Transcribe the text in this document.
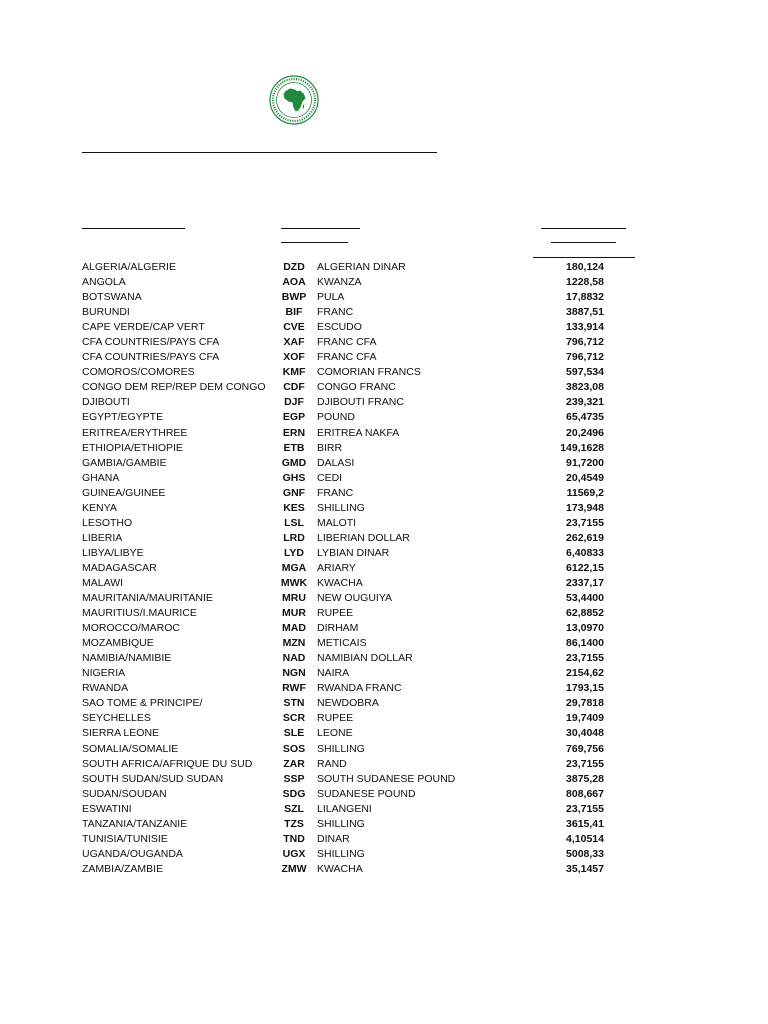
ALGERIA/ALGERIE	DZD	ALGERIAN DINAR	180,124
ANGOLA	AOA	KWANZA	1228,58
BOTSWANA	BWP	PULA	17,8832
BURUNDI	BIF	FRANC	3887,51
CAPE VERDE/CAP VERT	CVE	ESCUDO	133,914
CFA COUNTRIES/PAYS CFA	XAF	FRANC CFA	796,712
CFA COUNTRIES/PAYS CFA	XOF	FRANC CFA	796,712
COMOROS/COMORES	KMF	COMORIAN FRANCS	597,534
CONGO DEM REP/REP DEM CONGO	CDF	CONGO FRANC	3823,08
DJIBOUTI	DJF	DJIBOUTI FRANC	239,321
EGYPT/EGYPTE	EGP	POUND	65,4735
ERITREA/ERYTHREE	ERN	ERITREA NAKFA	20,2496
ETHIOPIA/ETHIOPIE	ETB	BIRR	149,1628
GAMBIA/GAMBIE	GMD	DALASI	91,7200
GHANA	GHS	CEDI	20,4549
GUINEA/GUINEE	GNF	FRANC	11569,2
KENYA	KES	SHILLING	173,948
LESOTHO	LSL	MALOTI	23,7155
LIBERIA	LRD	LIBERIAN DOLLAR	262,619
LIBYA/LIBYE	LYD	LYBIAN DINAR	6,40833
MADAGASCAR	MGA	ARIARY	6122,15
MALAWI	MWK KWACHA	2337,17
MAURITANIA/MAURITANIE	MRU	NEW OUGUIYA	53,4400
MAURITIUS/I.MAURICE	MUR	RUPEE	62,8852
MOROCCO/MAROC	MAD	DIRHAM	13,0970
MOZAMBIQUE	MZN	METICAIS	86,1400
NAMIBIA/NAMIBIE	NAD	NAMIBIAN DOLLAR	23,7155
NIGERIA	NGN	NAIRA	2154,62
RWANDA	RWF	RWANDA FRANC	1793,15
SAO TOME & PRINCIPE/	STN	NEWDOBRA	29,7818
SEYCHELLES	SCR	RUPEE	19,7409
SIERRA LEONE	SLE	LEONE	30,4048
SOMALIA/SOMALIE	SOS	SHILLING	769,756
SOUTH AFRICA/AFRIQUE DU SUD	ZAR	RAND	23,7155
SOUTH SUDAN/SUD SUDAN	SSP	SOUTH SUDANESE POUND	3875,28
SUDAN/SOUDAN	SDG	SUDANESE POUND	808,667
ESWATINI	SZL	LILANGENI	23,7155
TANZANIA/TANZANIE	TZS	SHILLING	3615,41
TUNISIA/TUNISIE	TND	DINAR	4,10514
UGANDA/OUGANDA	UGX	SHILLING	5008,33
ZAMBIA/ZAMBIE	ZMW KWACHA	35,1457
